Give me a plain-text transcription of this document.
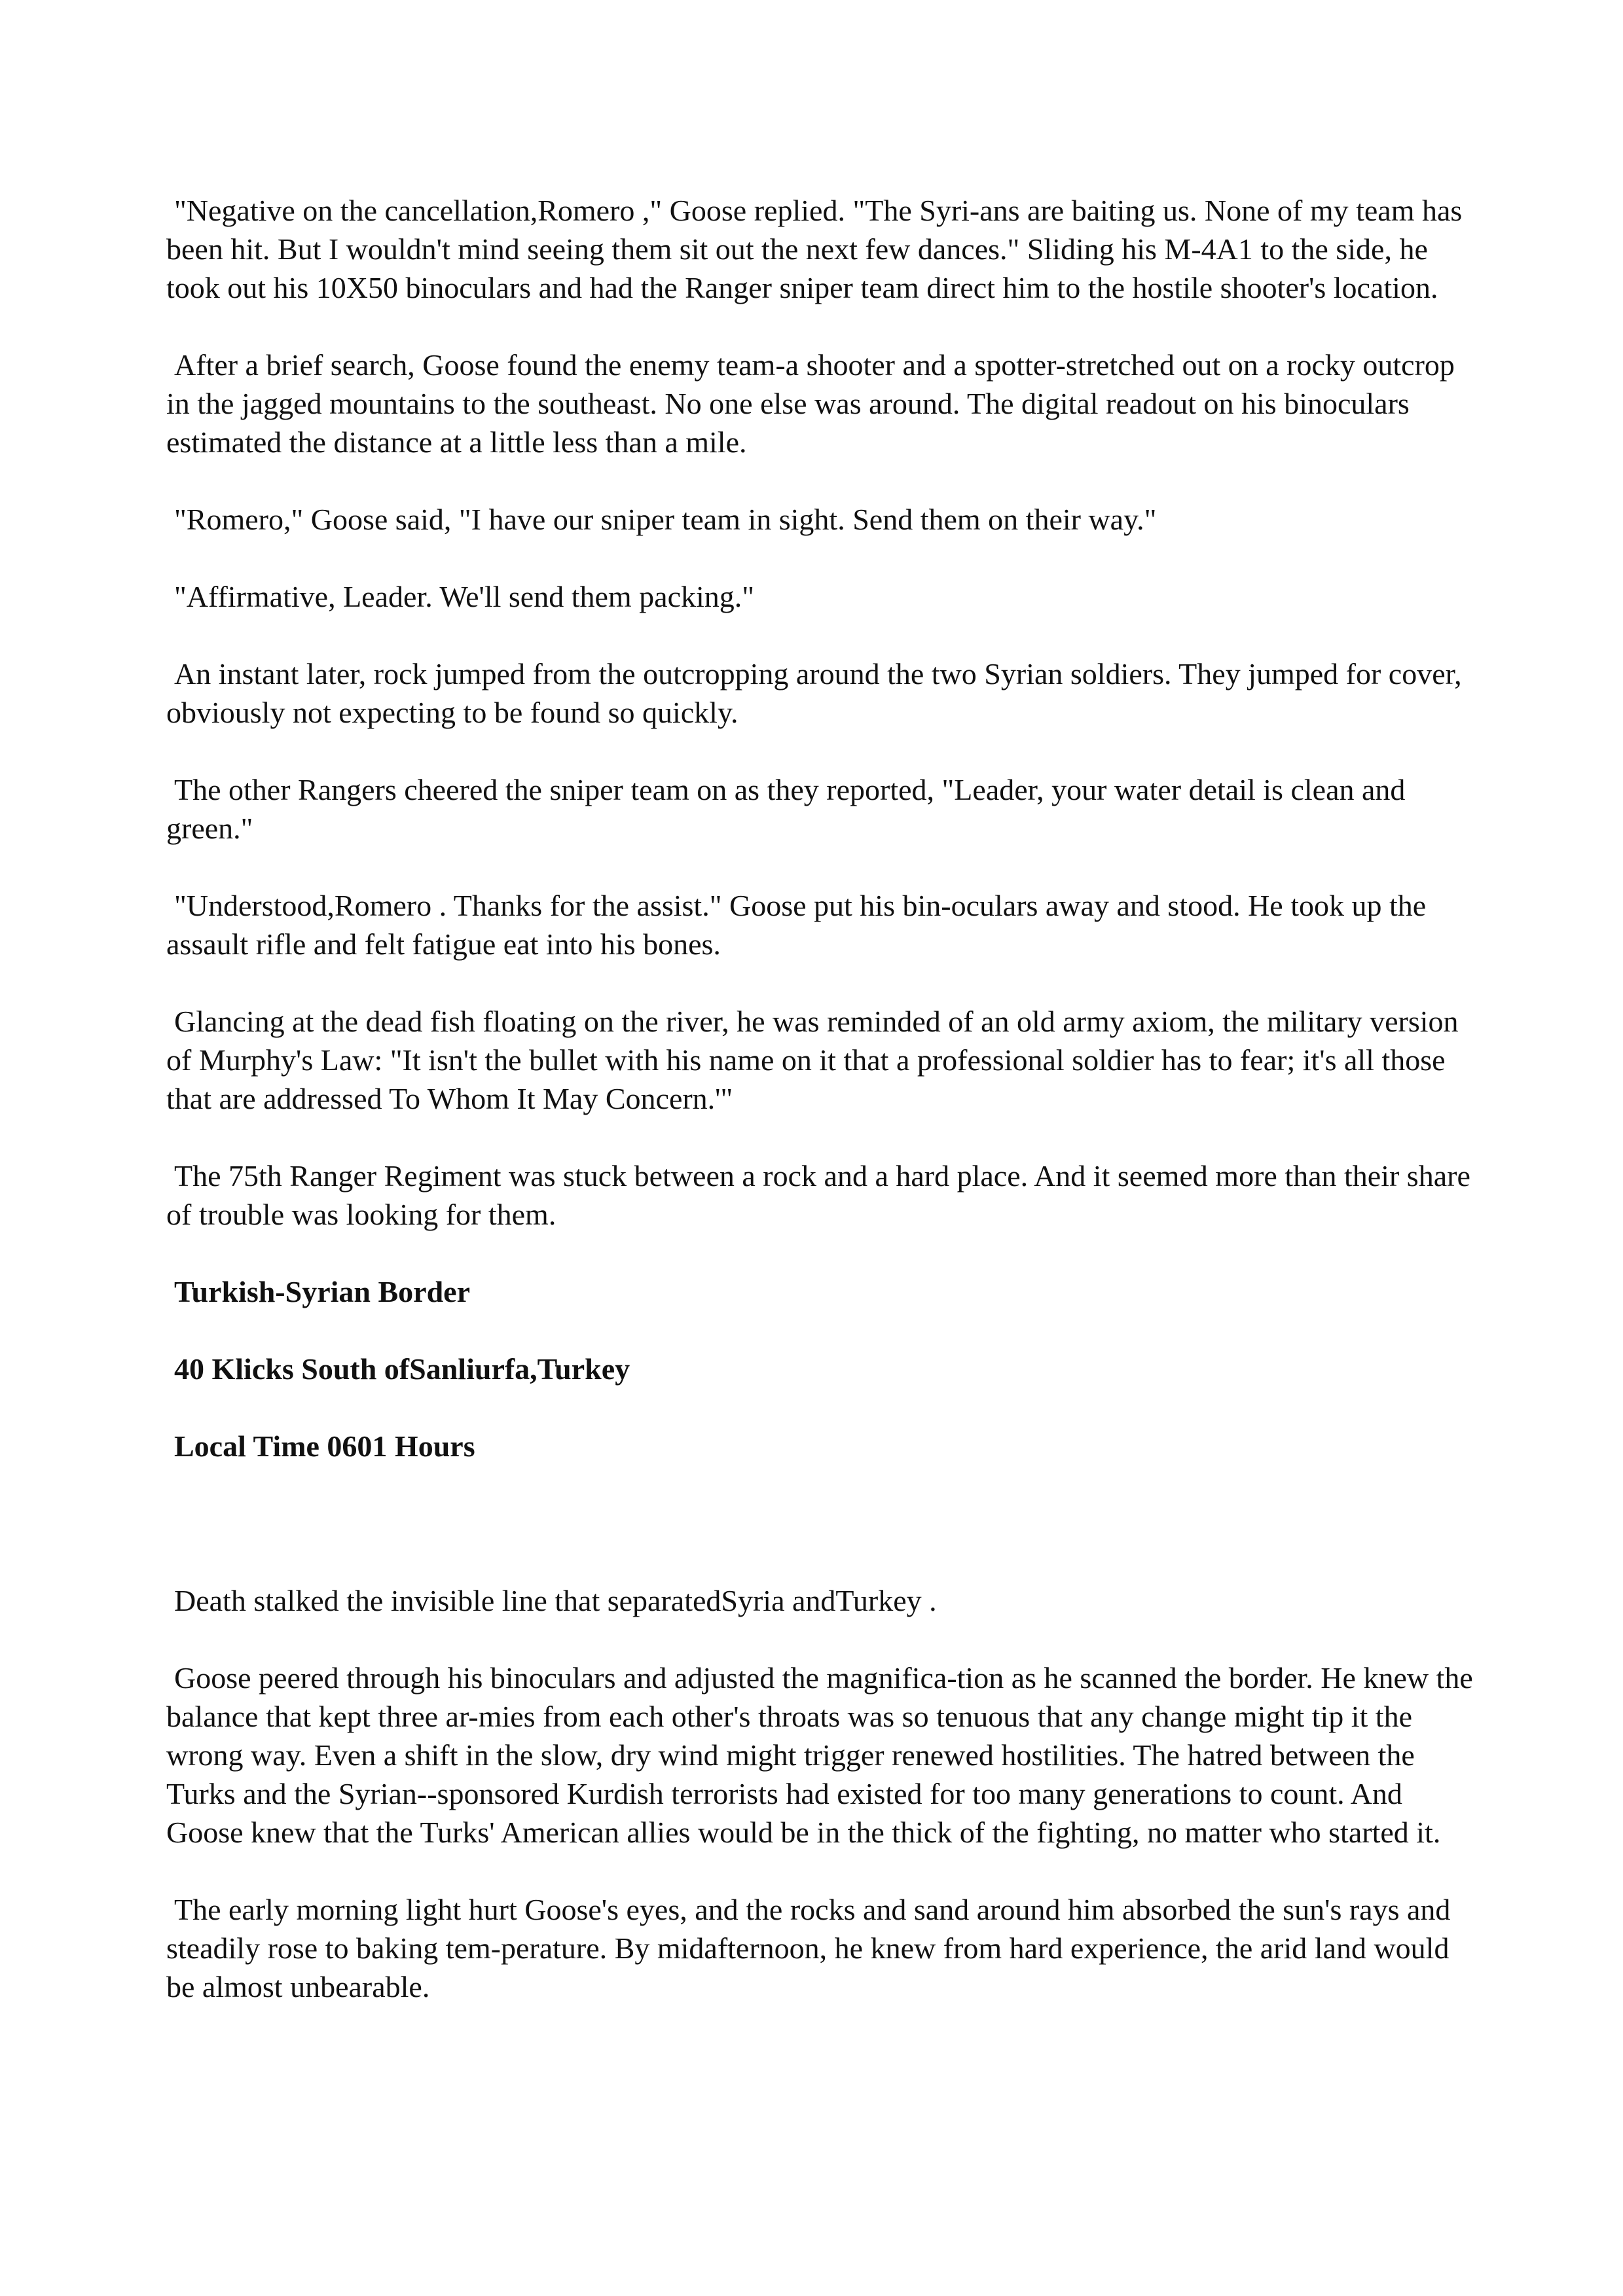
"Negative on the cancellation,Romero ," Goose replied. "The Syri-ans are baiting us. None of my team has been hit. But I wouldn't mind seeing them sit out the next few dances." Sliding his M-4A1 to the side, he took out his 10X50 binoculars and had the Ranger sniper team direct him to the hostile shooter's location.

After a brief search, Goose found the enemy team-a shooter and a spotter-stretched out on a rocky outcrop in the jagged mountains to the southeast. No one else was around. The digital readout on his binoculars estimated the distance at a little less than a mile.

"Romero," Goose said, "I have our sniper team in sight. Send them on their way."

"Affirmative, Leader. We'll send them packing."

An instant later, rock jumped from the outcropping around the two Syrian soldiers. They jumped for cover, obviously not expecting to be found so quickly.

The other Rangers cheered the sniper team on as they reported, "Leader, your water detail is clean and green."

"Understood,Romero . Thanks for the assist." Goose put his bin-oculars away and stood. He took up the assault rifle and felt fatigue eat into his bones.

Glancing at the dead fish floating on the river, he was reminded of an old army axiom, the military version of Murphy's Law: "It isn't the bullet with his name on it that a professional soldier has to fear; it's all those that are addressed To Whom It May Concern.'"

The 75th Ranger Regiment was stuck between a rock and a hard place. And it seemed more than their share of trouble was looking for them.

Turkish-Syrian Border

40 Klicks South ofSanliurfa,Turkey

Local Time 0601 Hours

Death stalked the invisible line that separatedSyria andTurkey .

Goose peered through his binoculars and adjusted the magnifica-tion as he scanned the border. He knew the balance that kept three ar-mies from each other's throats was so tenuous that any change might tip it the wrong way. Even a shift in the slow, dry wind might trigger renewed hostilities. The hatred between the Turks and the Syrian--sponsored Kurdish terrorists had existed for too many generations to count. And Goose knew that the Turks' American allies would be in the thick of the fighting, no matter who started it.

The early morning light hurt Goose's eyes, and the rocks and sand around him absorbed the sun's rays and steadily rose to baking tem-perature. By midafternoon, he knew from hard experience, the arid land would be almost unbearable.
